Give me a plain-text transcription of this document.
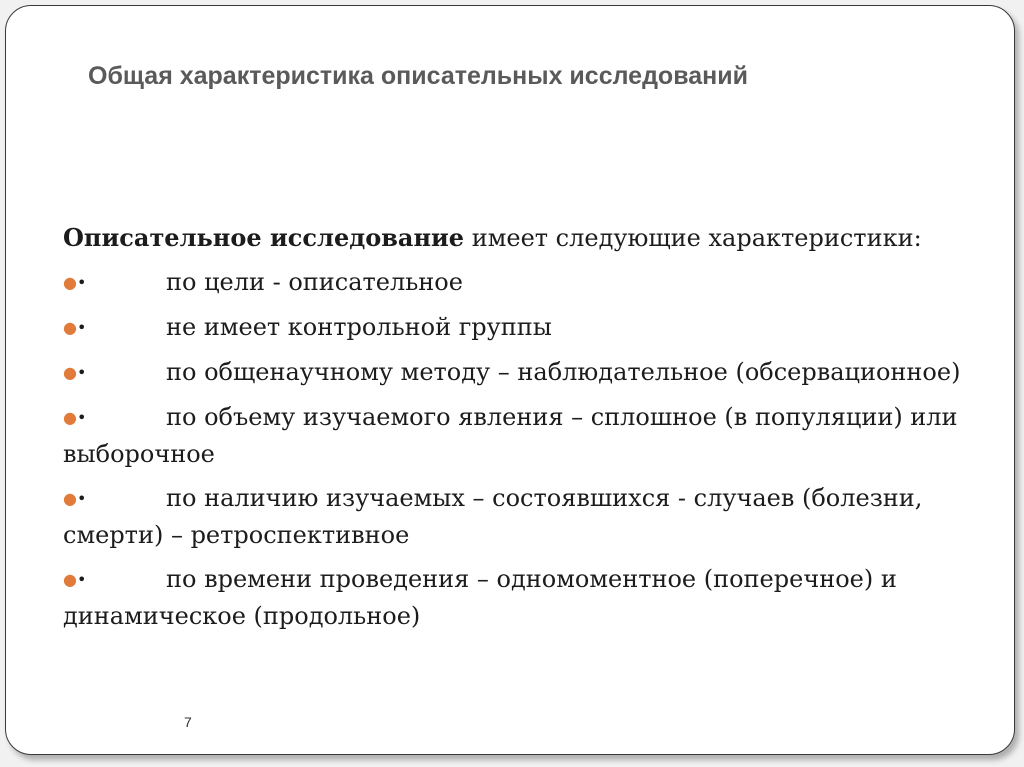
Общая характеристика описательных исследований

Описательное исследование имеет следующие характеристики:

●•	по цели - описательное
●•	не имеет контрольной группы
●•	по общенаучному методу – наблюдательное (обсервационное)
●•	по объему изучаемого явления – сплошное (в популяции) или выборочное
●•	по наличию изучаемых – состоявшихся - случаев (болезни, смерти) – ретроспективное
●•	по времени проведения – одномоментное (поперечное) и динамическое (продольное)
7
